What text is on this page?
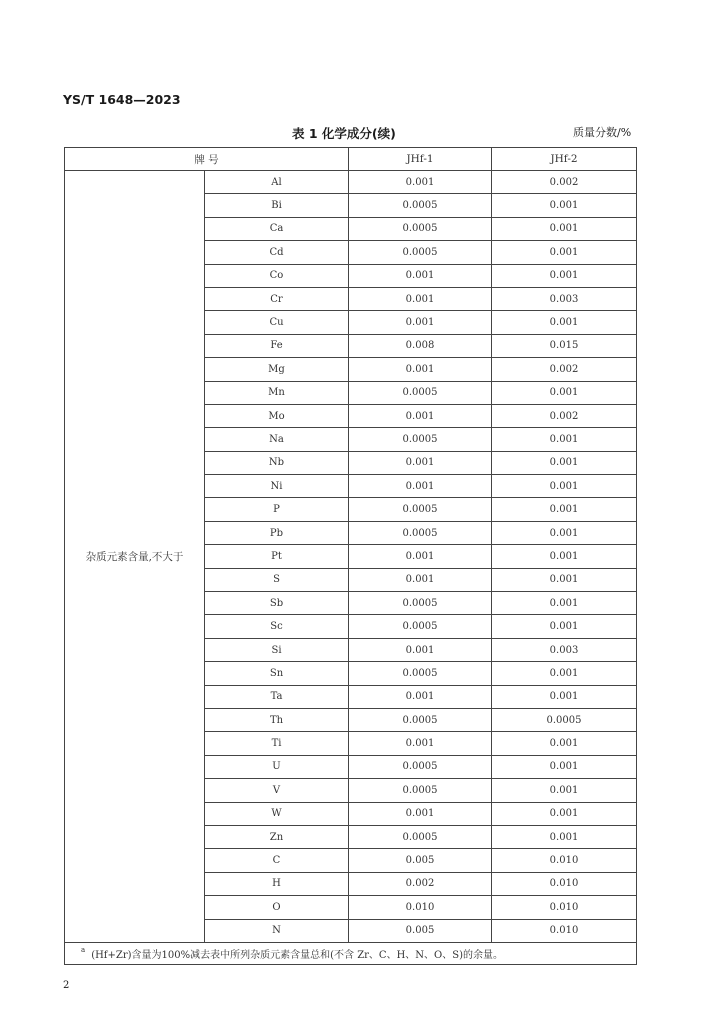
YS/T 1648—2023
表 1 化学成分(续)	质量分数/%
牌 号		JHf-1	JHf-2
杂质元素含量,不大于	Al	0.001	0.002
	Bi	0.0005	0.001
	Ca	0.0005	0.001
	Cd	0.0005	0.001
	Co	0.001	0.001
	Cr	0.001	0.003
	Cu	0.001	0.001
	Fe	0.008	0.015
	Mg	0.001	0.002
	Mn	0.0005	0.001
	Mo	0.001	0.002
	Na	0.0005	0.001
	Nb	0.001	0.001
	Ni	0.001	0.001
	P	0.0005	0.001
	Pb	0.0005	0.001
	Pt	0.001	0.001
	S	0.001	0.001
	Sb	0.0005	0.001
	Sc	0.0005	0.001
	Si	0.001	0.003
	Sn	0.0005	0.001
	Ta	0.001	0.001
	Th	0.0005	0.0005
	Ti	0.001	0.001
	U	0.0005	0.001
	V	0.0005	0.001
	W	0.001	0.001
	Zn	0.0005	0.001
	C	0.005	0.010
	H	0.002	0.010
	O	0.010	0.010
	N	0.005	0.010
$^a$ (Hf+Zr)含量为100%减去表中所列杂质元素含量总和(不含 Zr、C、H、N、O、S)的余量。			
2
